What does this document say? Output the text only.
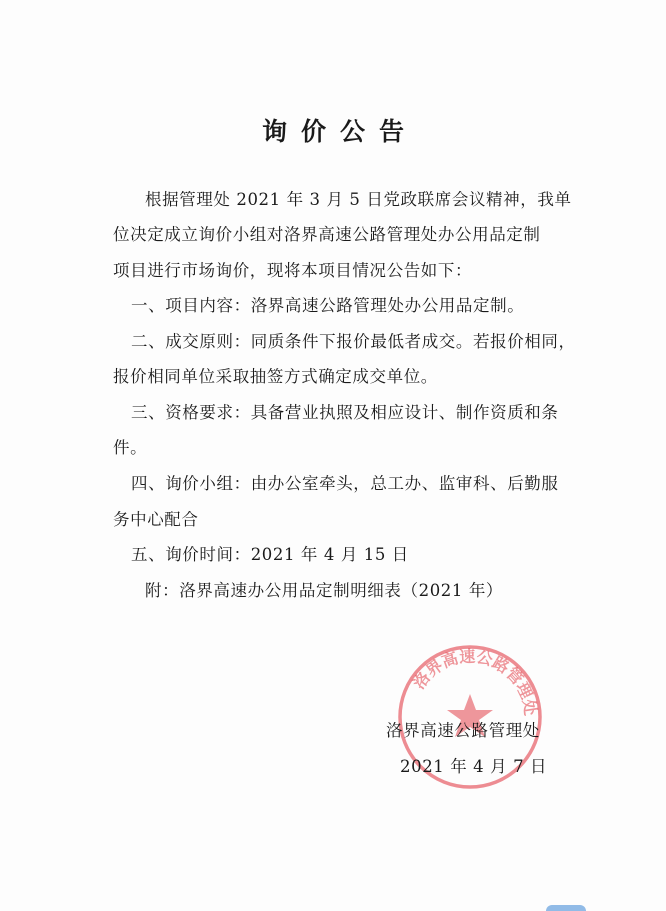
询价公告
根据管理处 2021 年 3 月 5 日党政联席会议精神，我单
位决定成立询价小组对洛界高速公路管理处办公用品定制
项目进行市场询价，现将本项目情况公告如下：
一、项目内容：洛界高速公路管理处办公用品定制。
二、成交原则：同质条件下报价最低者成交。若报价相同，
报价相同单位采取抽签方式确定成交单位。
三、资格要求：具备营业执照及相应设计、制作资质和条
件。
四、询价小组：由办公室牵头，总工办、监审科、后勤服
务中心配合
五、询价时间：2021 年 4 月 15 日
附：洛界高速办公用品定制明细表（2021 年）
洛界高速公路管理处
洛界高速公路管理处
2021 年 4 月 7 日
